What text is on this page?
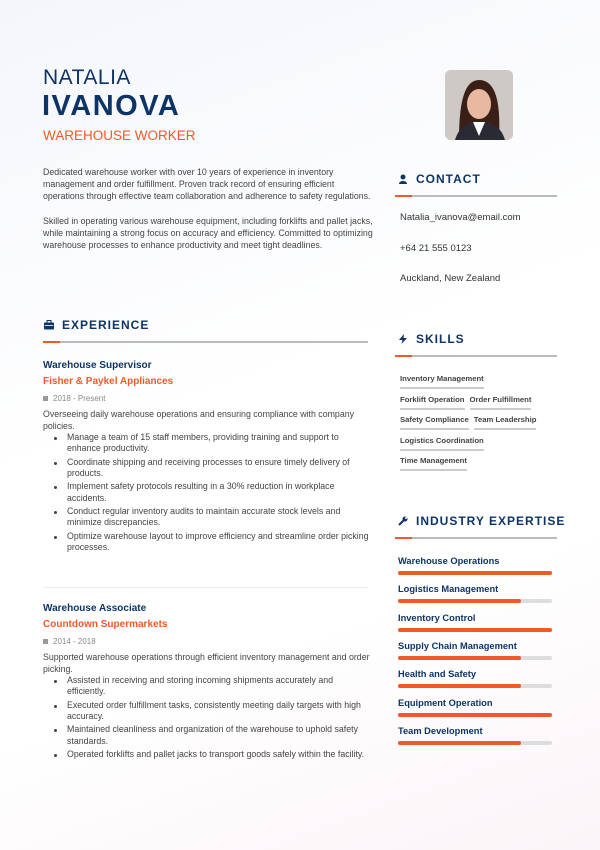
NATALIA
IVANOVA
WAREHOUSE WORKER

Dedicated warehouse worker with over 10 years of experience in inventory management and order fulfillment. Proven track record of ensuring efficient operations through effective team collaboration and adherence to safety regulations.

Skilled in operating various warehouse equipment, including forklifts and pallet jacks, while maintaining a strong focus on accuracy and efficiency. Committed to optimizing warehouse processes to enhance productivity and meet tight deadlines.

EXPERIENCE
Warehouse Supervisor
Fisher & Paykel Appliances
2018 - Present
Overseeing daily warehouse operations and ensuring compliance with company policies.
Manage a team of 15 staff members, providing training and support to enhance productivity.
Coordinate shipping and receiving processes to ensure timely delivery of products.
Implement safety protocols resulting in a 30% reduction in workplace accidents.
Conduct regular inventory audits to maintain accurate stock levels and minimize discrepancies.
Optimize warehouse layout to improve efficiency and streamline order picking processes.
Warehouse Associate
Countdown Supermarkets
2014 - 2018
Supported warehouse operations through efficient inventory management and order picking.
Assisted in receiving and storing incoming shipments accurately and efficiently.
Executed order fulfillment tasks, consistently meeting daily targets with high accuracy.
Maintained cleanliness and organization of the warehouse to uphold safety standards.
Operated forklifts and pallet jacks to transport goods safely within the facility.
CONTACT
Natalia_ivanova@email.com
+64 21 555 0123
Auckland, New Zealand
SKILLS
Inventory Management
Forklift Operation Order Fulfillment
Safety Compliance Team Leadership
Logistics Coordination
Time Management
INDUSTRY EXPERTISE
Warehouse Operations
Logistics Management
Inventory Control
Supply Chain Management
Health and Safety
Equipment Operation
Team Development
